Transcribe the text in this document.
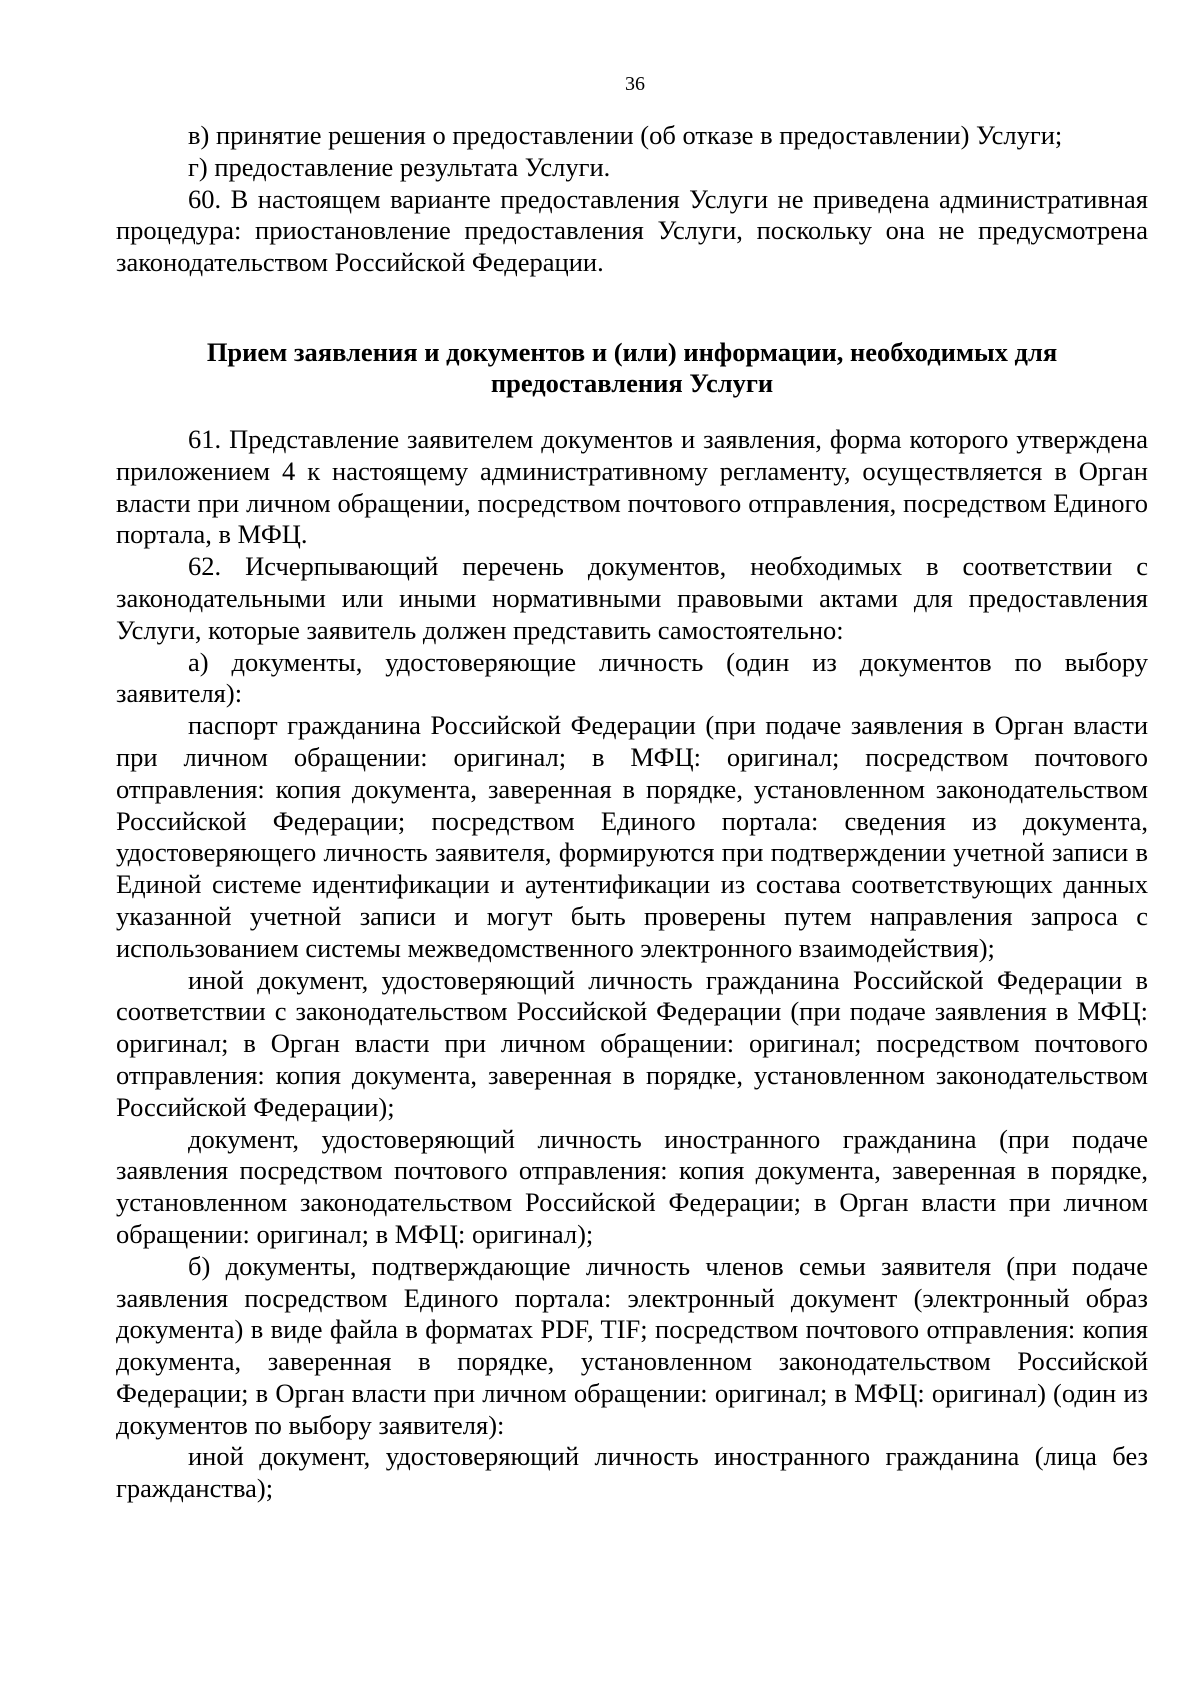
36

в) принятие решения о предоставлении (об отказе в предоставлении) Услуги;

г) предоставление результата Услуги.

60. В настоящем варианте предоставления Услуги не приведена административная процедура: приостановление предоставления Услуги, поскольку она не предусмотрена законодательством Российской Федерации.

Прием заявления и документов и (или) информации, необходимых для
предоставления Услуги

61. Представление заявителем документов и заявления, форма которого утверждена приложением 4 к настоящему административному регламенту, осуществляется в Орган власти при личном обращении, посредством почтового отправления, посредством Единого портала, в МФЦ.

62. Исчерпывающий перечень документов, необходимых в соответствии с законодательными или иными нормативными правовыми актами для предоставления Услуги, которые заявитель должен представить самостоятельно:

а) документы, удостоверяющие личность (один из документов по выбору заявителя):

паспорт гражданина Российской Федерации (при подаче заявления в Орган власти при личном обращении: оригинал; в МФЦ: оригинал; посредством почтового отправления: копия документа, заверенная в порядке, установленном законодательством Российской Федерации; посредством Единого портала: сведения из документа, удостоверяющего личность заявителя, формируются при подтверждении учетной записи в Единой системе идентификации и аутентификации из состава соответствующих данных указанной учетной записи и могут быть проверены путем направления запроса с использованием системы межведомственного электронного взаимодействия);

иной документ, удостоверяющий личность гражданина Российской Федерации в соответствии с законодательством Российской Федерации (при подаче заявления в МФЦ: оригинал; в Орган власти при личном обращении: оригинал; посредством почтового отправления: копия документа, заверенная в порядке, установленном законодательством Российской Федерации);

документ, удостоверяющий личность иностранного гражданина (при подаче заявления посредством почтового отправления: копия документа, заверенная в порядке, установленном законодательством Российской Федерации; в Орган власти при личном обращении: оригинал; в МФЦ: оригинал);

б) документы, подтверждающие личность членов семьи заявителя (при подаче заявления посредством Единого портала: электронный документ (электронный образ документа) в виде файла в форматах PDF, TIF; посредством почтового отправления: копия документа, заверенная в порядке, установленном законодательством Российской Федерации; в Орган власти при личном обращении: оригинал; в МФЦ: оригинал) (один из документов по выбору заявителя):

иной документ, удостоверяющий личность иностранного гражданина (лица без гражданства);
